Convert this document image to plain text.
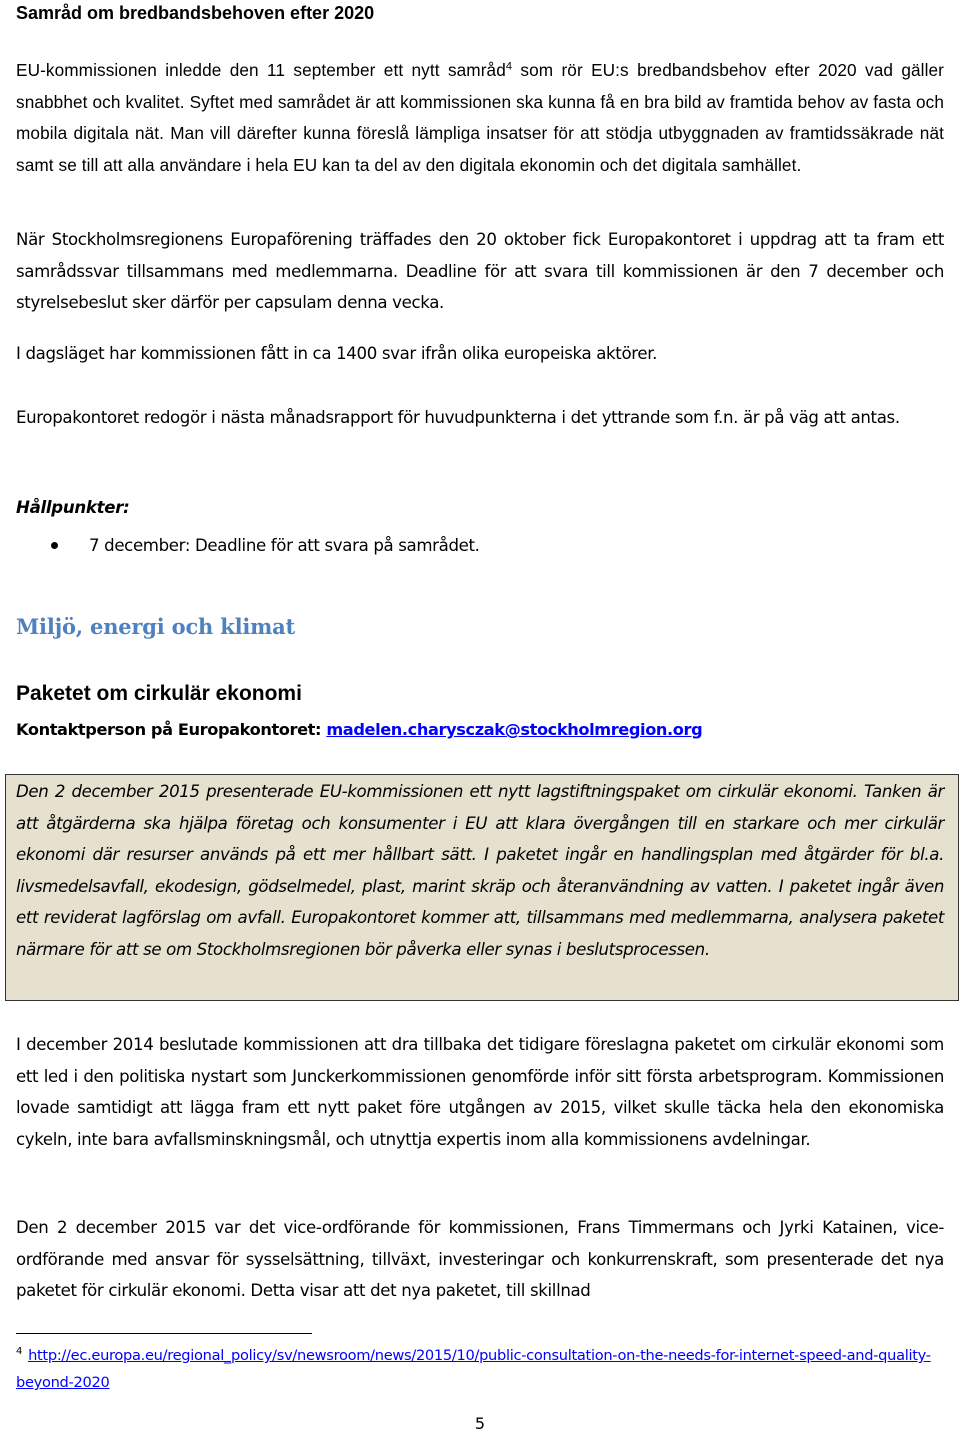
Samråd om bredbandsbehoven efter 2020

EU-kommissionen inledde den 11 september ett nytt samråd$^4$ som rör EU:s bredbandsbehov efter 2020 vad gäller snabbhet och kvalitet. Syftet med samrådet är att kommissionen ska kunna få en bra bild av framtida behov av fasta och mobila digitala nät. Man vill därefter kunna föreslå lämpliga insatser för att stödja utbyggnaden av framtidssäkrade nät samt se till att alla användare i hela EU kan ta del av den digitala ekonomin och det digitala samhället.

När Stockholmsregionens Europaförening träffades den 20 oktober fick Europakontoret i uppdrag att ta fram ett samrådssvar tillsammans med medlemmarna. Deadline för att svara till kommissionen är den 7 december och styrelsebeslut sker därför per capsulam denna vecka.

I dagsläget har kommissionen fått in ca 1400 svar ifrån olika europeiska aktörer.

Europakontoret redogör i nästa månadsrapport för huvudpunkterna i det yttrande som f.n. är på väg att antas.

Hållpunkter:

7 december: Deadline för att svara på samrådet.
Miljö, energi och klimat
Paketet om cirkulär ekonomi

Kontaktperson på Europakontoret: madelen.charysczak@stockholmregion.org

Den 2 december 2015 presenterade EU-kommissionen ett nytt lagstiftningspaket om cirkulär ekonomi. Tanken är att åtgärderna ska hjälpa företag och konsumenter i EU att klara övergången till en starkare och mer cirkulär ekonomi där resurser används på ett mer hållbart sätt. I paketet ingår en handlingsplan med åtgärder för bl.a. livsmedelsavfall, ekodesign, gödselmedel, plast, marint skräp och återanvändning av vatten. I paketet ingår även ett reviderat lagförslag om avfall. Europakontoret kommer att, tillsammans med medlemmarna, analysera paketet närmare för att se om Stockholmsregionen bör påverka eller synas i beslutsprocessen.

I december 2014 beslutade kommissionen att dra tillbaka det tidigare föreslagna paketet om cirkulär ekonomi som ett led i den politiska nystart som Junckerkommissionen genomförde inför sitt första arbetsprogram. Kommissionen lovade samtidigt att lägga fram ett nytt paket före utgången av 2015, vilket skulle täcka hela den ekonomiska cykeln, inte bara avfallsminskningsmål, och utnyttja expertis inom alla kommissionens avdelningar.

Den 2 december 2015 var det vice-ordförande för kommissionen, Frans Timmermans och Jyrki Katainen, vice-ordförande med ansvar för sysselsättning, tillväxt, investeringar och konkurrenskraft, som presenterade det nya paketet för cirkulär ekonomi. Detta visar att det nya paketet, till skillnad

$^4$ http://ec.europa.eu/regional_policy/sv/newsroom/news/2015/10/public-consultation-on-the-needs-for-internet-speed-and-quality-beyond-2020

5
